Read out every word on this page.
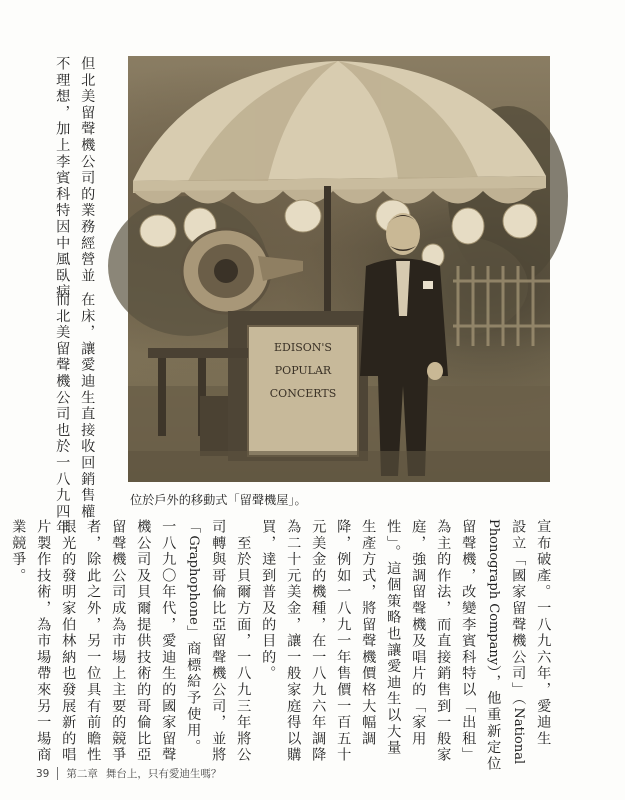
但北美留聲機公司的業務經營並
不理想，加上李賓科特因中風臥病
在床，讓愛迪生直接收回銷售權，
而北美留聲機公司也於一八九四年	EDISON'S
POPULAR
CONCERTS
位於戶外的移動式「留聲機屋」。
宣布破產。一八九六年，愛迪生
設立「國家留聲機公司」（National
Phonograph Company），他重新定位
留聲機，改變李賓科特以「出租」
為主的作法，而直接銷售到一般家
庭，強調留聲機及唱片的「家用
性」。這個策略也讓愛迪生以大量
生產方式，將留聲機價格大幅調
降，例如一八九一年售價一百五十
元美金的機種，在一八九六年調降
為二十元美金，讓一般家庭得以購
買，達到普及的目的。
　至於貝爾方面，一八九三年將公
司轉與哥倫比亞留聲機公司，並將
「Graphophone」商標給予使用。
一八九〇年代，愛迪生的國家留聲
機公司及貝爾提供技術的哥倫比亞
留聲機公司成為市場上主要的競爭
者，除此之外，另一位具有前瞻性
眼光的發明家伯林納也發展新的唱
片製作技術，為市場帶來另一場商
業競爭。
39 第二章 舞台上，只有愛迪生嗎？
